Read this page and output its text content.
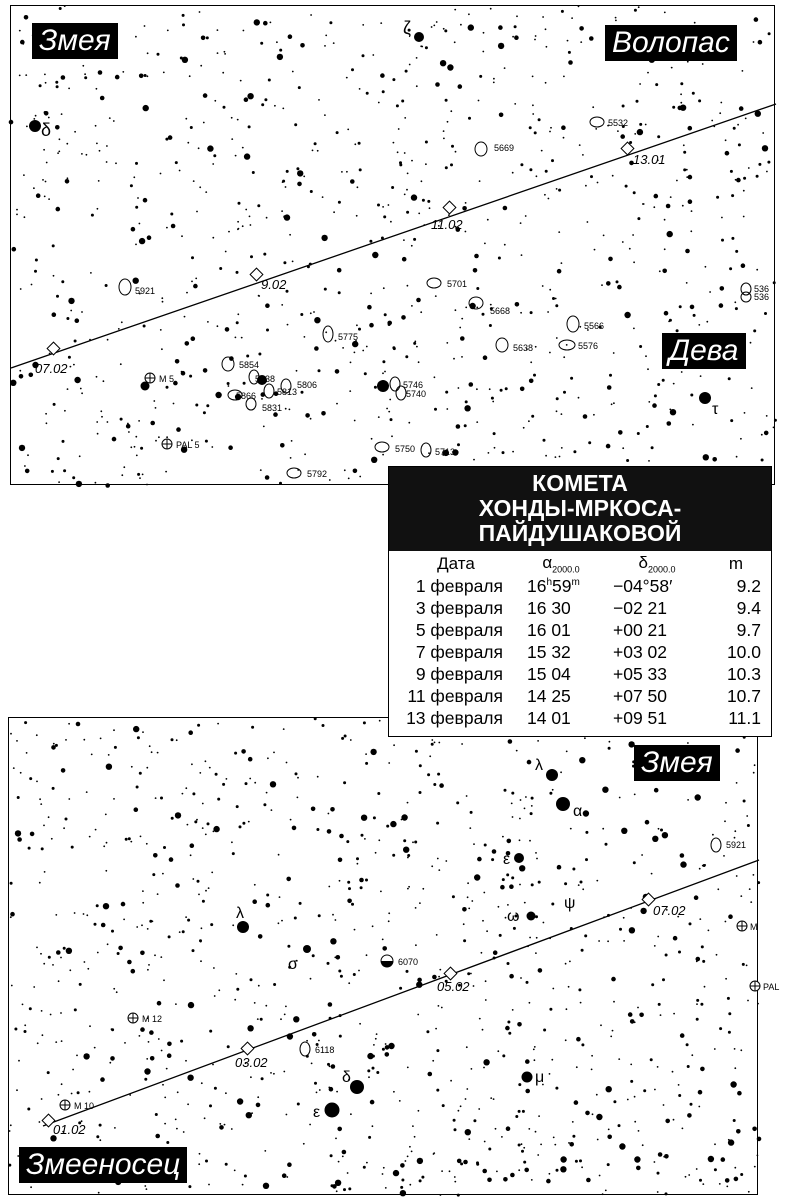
07.02
9.02
11.02
13.01
δ
ζ
τ
5532
5669
5921
5701
5668
5566
5775
5638	5576
5854
5838
5806
5813
5866
5831
5746
5740
5750 5713
5792
536
536
M 5
PAL 5
Змея	Волопас
Дева
01.02
03.02
05.02
07.02
λ
α
ε
ψ
ω
λ
σ
δ
ε
μ
5921
6070
6118
M 12
M 10
M
PAL
Змея
Змееносец
КОМЕТА
ХОНДЫ-МРКОСА-
ПАЙДУШАКОВОЙ
Дата	$\alpha_{2000.0}$	$\delta_{2000.0}$	m
1 февраля	$16^h59^m$	−04°58′	9.2
3 февраля	16 30	−02 21	9.4
5 февраля	16 01	+00 21	9.7
7 февраля	15 32	+03 02	10.0
9 февраля	15 04	+05 33	10.3
11 февраля	14 25	+07 50	10.7
13 февраля	14 01	+09 51	11.1
